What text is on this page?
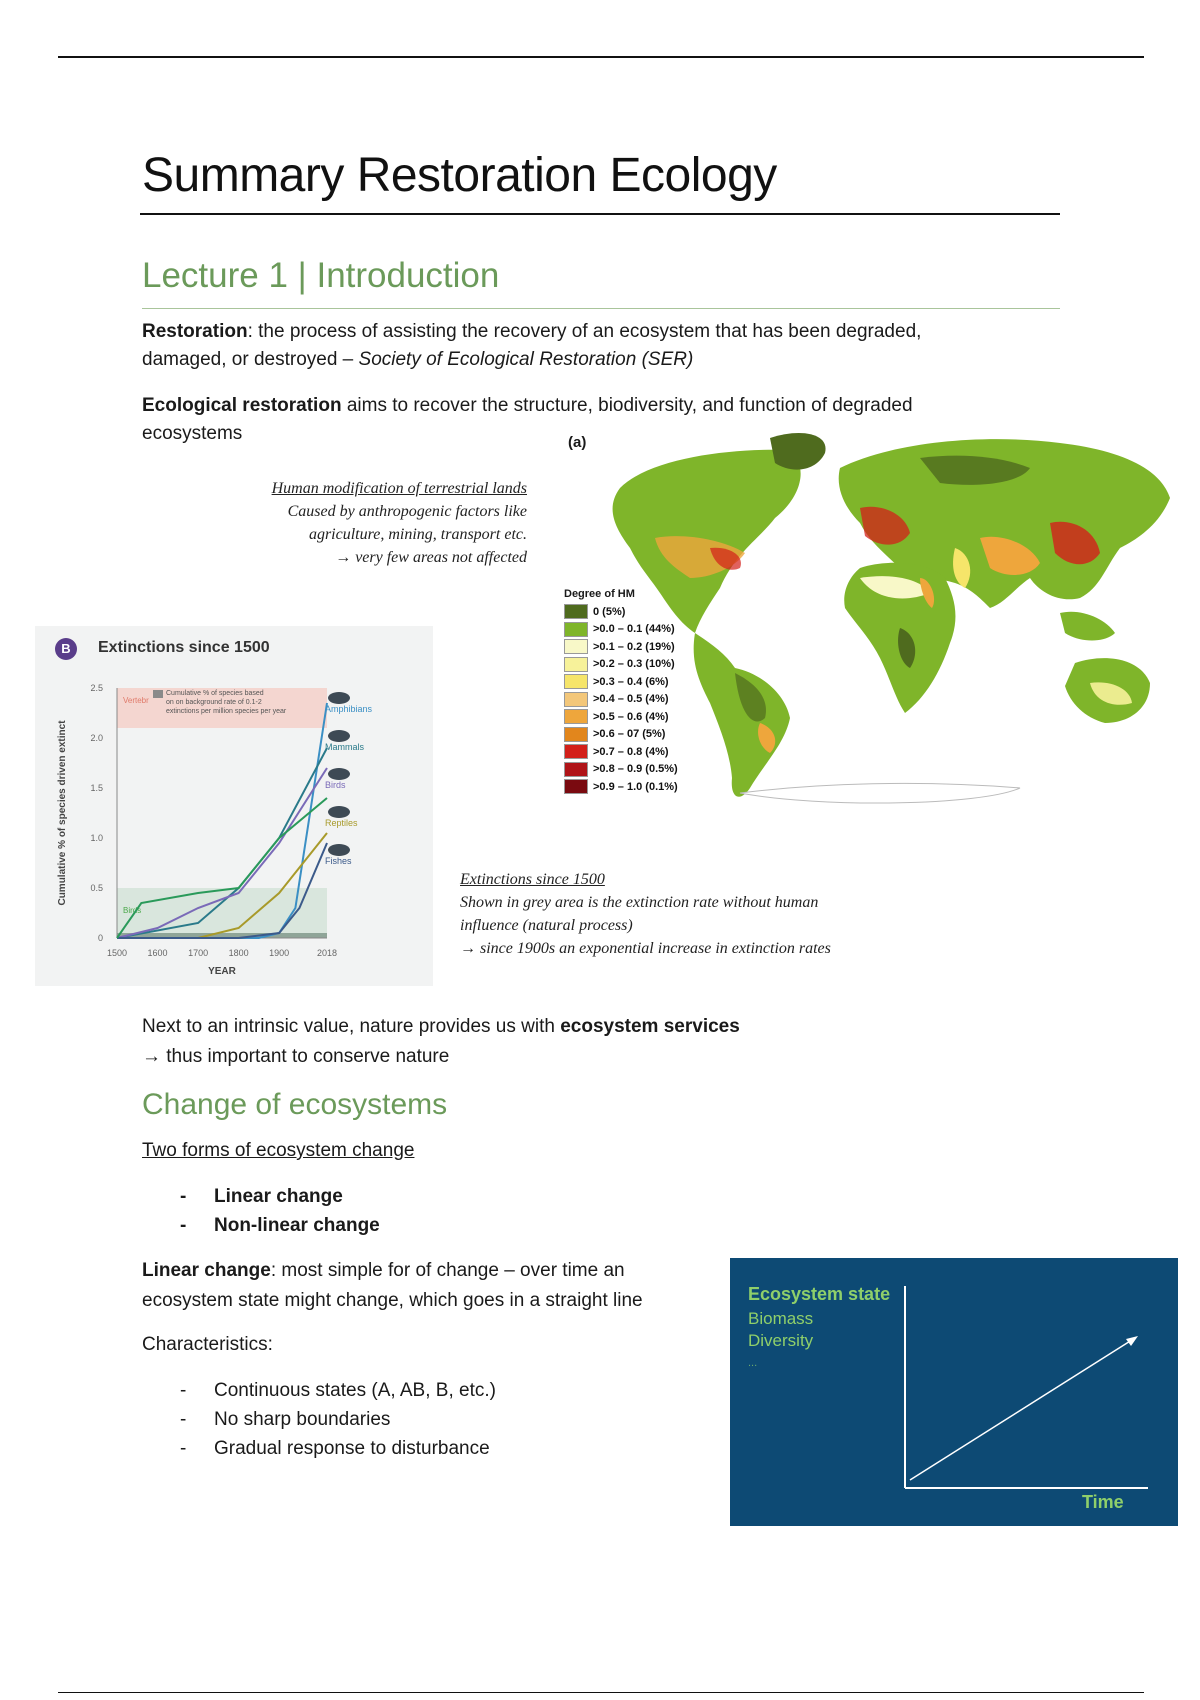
Summary Restoration Ecology
Lecture 1 | Introduction
Restoration: the process of assisting the recovery of an ecosystem that has been degraded,
damaged, or destroyed – Society of Ecological Restoration (SER)
Ecological restoration aims to recover the structure, biodiversity, and function of degraded
ecosystems
Human modification of terrestrial lands
Caused by anthropogenic factors like
agriculture, mining, transport etc.
→ very few areas not affected
(a)
Degree of HM
0 (5%)
>0.0 – 0.1 (44%)
>0.1 – 0.2 (19%)
>0.2 – 0.3 (10%)
>0.3 – 0.4 (6%)
>0.4 – 0.5 (4%)
>0.5 – 0.6 (4%)
>0.6 – 07 (5%)
>0.7 – 0.8 (4%)
>0.8 – 0.9 (0.5%)
>0.9 – 1.0 (0.1%)
B	Extinctions since 1500
Vertebr
Birds
Cumulative % of species based
on on background rate of 0.1-2
extinctions per million species per year
0
0.5
1.0
1.5
2.0
2.5
1500 1600 1700 1800 1900	2018
YEAR
Cumulative % of species driven extinct
Amphibians
Mammals
Birds
Reptiles
Fishes
Extinctions since 1500
Shown in grey area is the extinction rate without human
influence (natural process)
→ since 1900s an exponential increase in extinction rates
Next to an intrinsic value, nature provides us with ecosystem services
→ thus important to conserve nature
Change of ecosystems
Two forms of ecosystem change
- Linear change
- Non-linear change
Linear change: most simple for of change – over time an
ecosystem state might change, which goes in a straight line
Characteristics:
- Continuous states (A, AB, B, etc.)
- No sharp boundaries
- Gradual response to disturbance
Ecosystem state
Biomass
Diversity
...
Time
